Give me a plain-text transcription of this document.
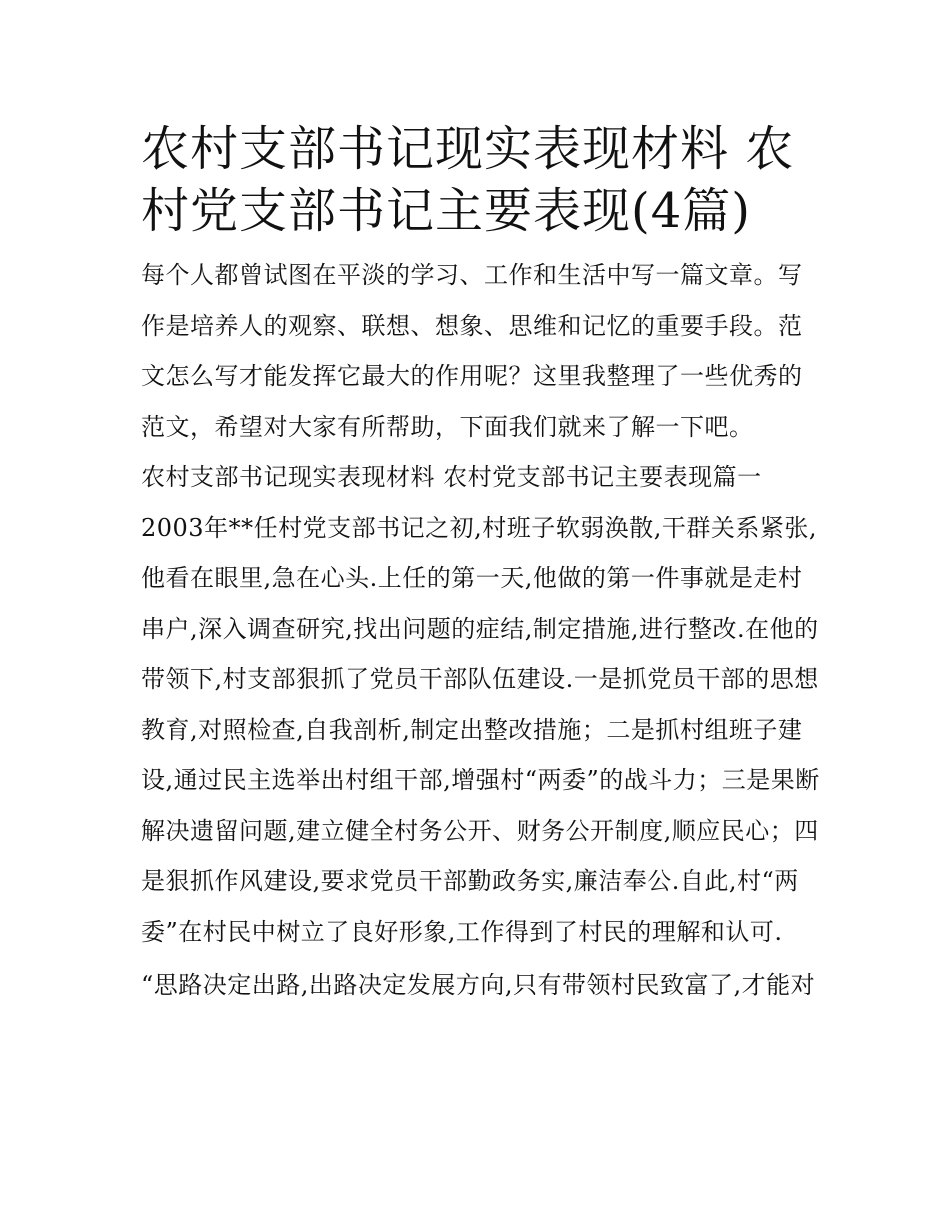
农村支部书记现实表现材料 农村党支部书记主要表现(4篇)

每个人都曾试图在平淡的学习、工作和生活中写一篇文章。写作是培养人的观察、联想、想象、思维和记忆的重要手段。范文怎么写才能发挥它最大的作用呢？这里我整理了一些优秀的范文，希望对大家有所帮助，下面我们就来了解一下吧。

农村支部书记现实表现材料 农村党支部书记主要表现篇一

2003年**任村党支部书记之初,村班子软弱涣散,干群关系紧张,他看在眼里,急在心头.上任的第一天,他做的第一件事就是走村串户,深入调查研究,找出问题的症结,制定措施,进行整改.在他的带领下,村支部狠抓了党员干部队伍建设.一是抓党员干部的思想教育,对照检查,自我剖析,制定出整改措施；二是抓村组班子建设,通过民主选举出村组干部,增强村“两委”的战斗力；三是果断解决遗留问题,建立健全村务公开、财务公开制度,顺应民心；四是狠抓作风建设,要求党员干部勤政务实,廉洁奉公.自此,村“两委”在村民中树立了良好形象,工作得到了村民的理解和认可.

“思路决定出路,出路决定发展方向,只有带领村民致富了,才能对
